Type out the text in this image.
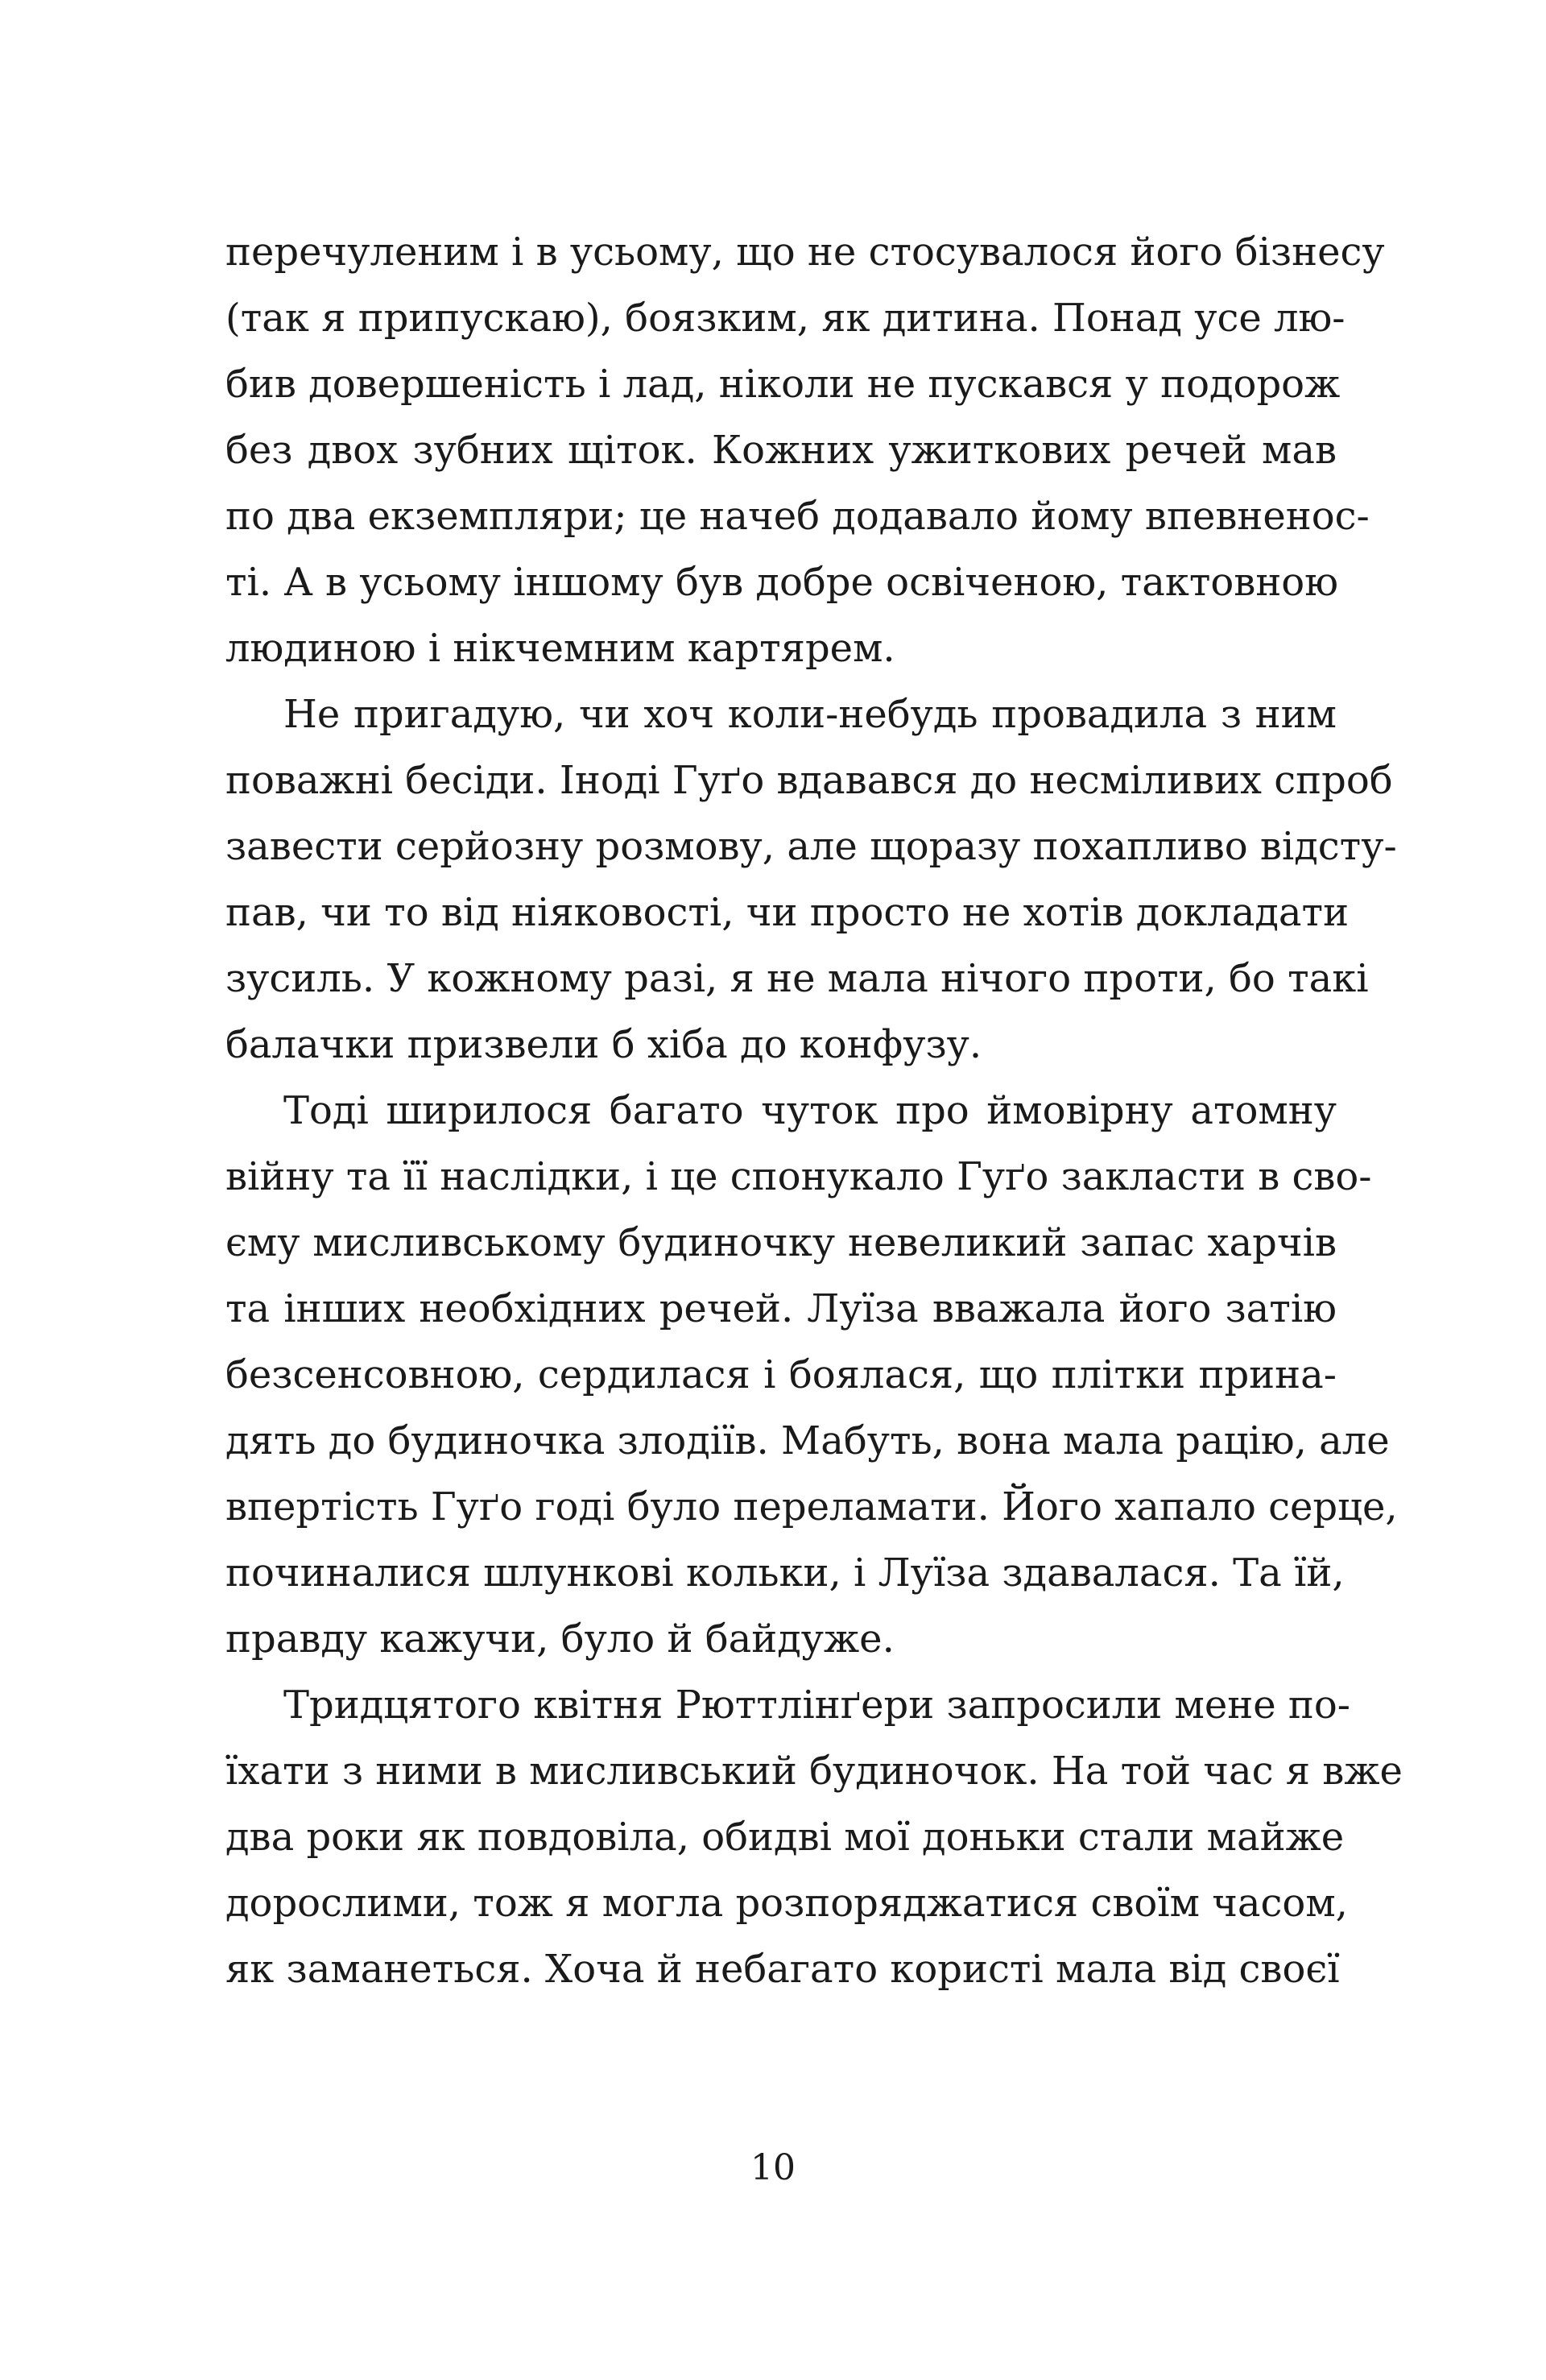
перечуленим і в усьому, що не стосувалося його бізнесу
(так я припускаю), боязким, як дитина. Понад усе лю-
бив довершеність і лад, ніколи не пускався у подорож
без двох зубних щіток. Кожних ужиткових речей мав
по два екземпляри; це начеб додавало йому впевненос-
ті. А в усьому іншому був добре освіченою, тактовною
людиною і нікчемним картярем.
Не пригадую, чи хоч коли-небудь провадила з ним
поважні бесіди. Іноді Гуґо вдавався до несміливих спроб
завести серйозну розмову, але щоразу похапливо відсту-
пав, чи то від ніяковості, чи просто не хотів докладати
зусиль. У кожному разі, я не мала нічого проти, бо такі
балачки призвели б хіба до конфузу.
Тоді ширилося багато чуток про ймовірну атомну
війну та її наслідки, і це спонукало Гуґо закласти в сво-
єму мисливському будиночку невеликий запас харчів
та інших необхідних речей. Луїза вважала його затію
безсенсовною, сердилася і боялася, що плітки прина-
дять до будиночка злодіїв. Мабуть, вона мала рацію, але
впертість Гуґо годі було переламати. Його хапало серце,
починалися шлункові кольки, і Луїза здавалася. Та їй,
правду кажучи, було й байдуже.
Тридцятого квітня Рюттлінґери запросили мене по-
їхати з ними в мисливський будиночок. На той час я вже
два роки як повдовіла, обидві мої доньки стали майже
дорослими, тож я могла розпоряджатися своїм часом,
як заманеться. Хоча й небагато користі мала від своєї
10
